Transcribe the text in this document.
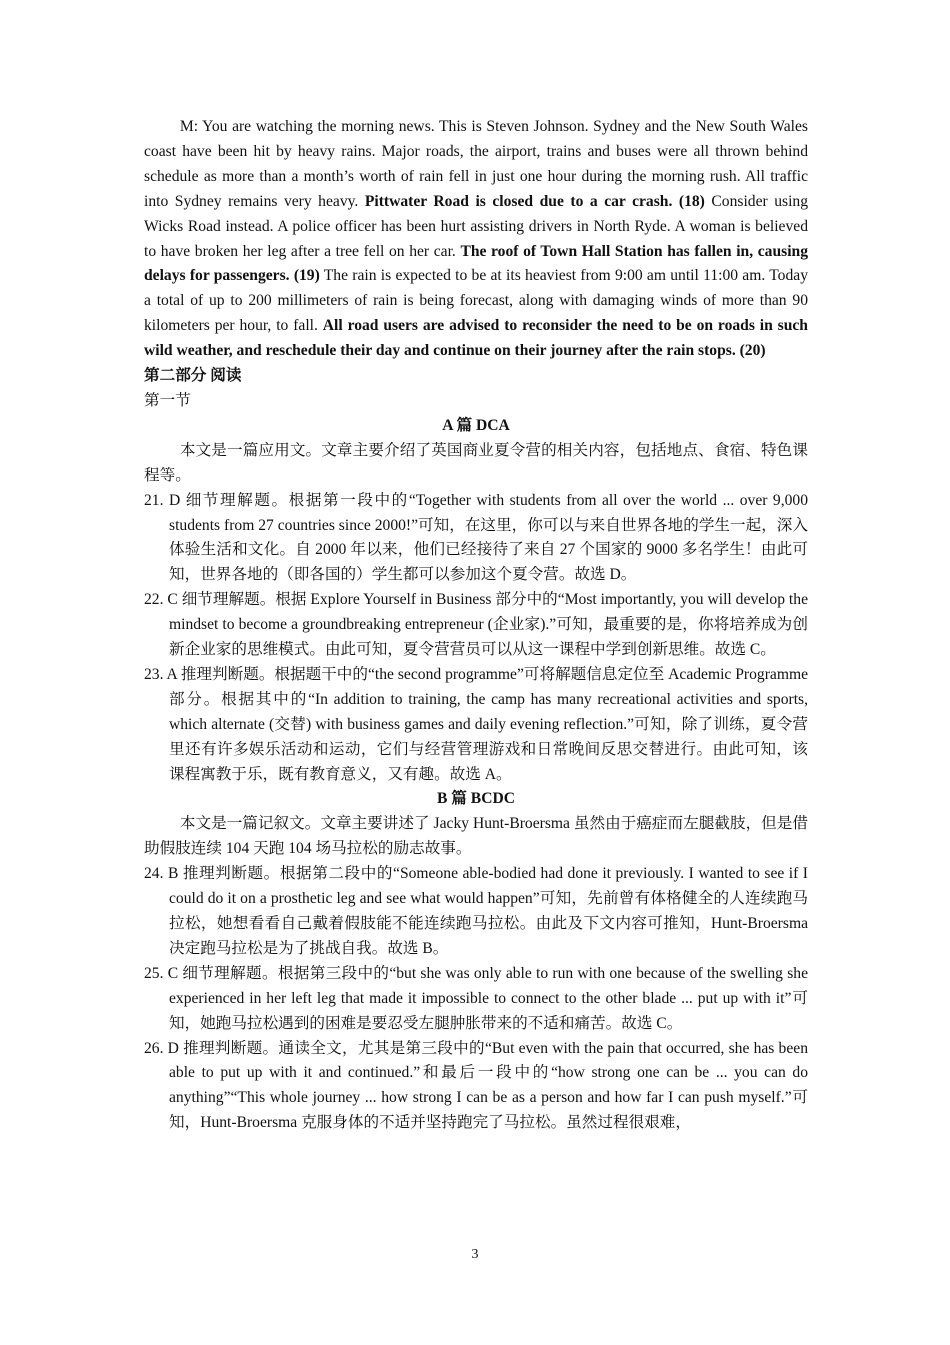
M: You are watching the morning news. This is Steven Johnson. Sydney and the New South Wales coast have been hit by heavy rains. Major roads, the airport, trains and buses were all thrown behind schedule as more than a month’s worth of rain fell in just one hour during the morning rush. All traffic into Sydney remains very heavy. Pittwater Road is closed due to a car crash. (18) Consider using Wicks Road instead. A police officer has been hurt assisting drivers in North Ryde. A woman is believed to have broken her leg after a tree fell on her car. The roof of Town Hall Station has fallen in, causing delays for passengers. (19) The rain is expected to be at its heaviest from 9:00 am until 11:00 am. Today a total of up to 200 millimeters of rain is being forecast, along with damaging winds of more than 90 kilometers per hour, to fall. All road users are advised to reconsider the need to be on roads in such wild weather, and reschedule their day and continue on their journey after the rain stops. (20)

第二部分 阅读

第一节

A 篇 DCA

本文是一篇应用文。文章主要介绍了英国商业夏令营的相关内容，包括地点、食宿、特色课程等。

21. D 细节理解题。根据第一段中的“Together with students from all over the world ... over 9,000 students from 27 countries since 2000!”可知，在这里，你可以与来自世界各地的学生一起，深入体验生活和文化。自 2000 年以来，他们已经接待了来自 27 个国家的 9000 多名学生！由此可知，世界各地的（即各国的）学生都可以参加这个夏令营。故选 D。

22. C 细节理解题。根据 Explore Yourself in Business 部分中的“Most importantly, you will develop the mindset to become a groundbreaking entrepreneur (企业家).”可知，最重要的是，你将培养成为创新企业家的思维模式。由此可知，夏令营营员可以从这一课程中学到创新思维。故选 C。

23. A 推理判断题。根据题干中的“the second programme”可将解题信息定位至 Academic Programme 部分。根据其中的“In addition to training, the camp has many recreational activities and sports, which alternate (交替) with business games and daily evening reflection.”可知，除了训练，夏令营里还有许多娱乐活动和运动，它们与经营管理游戏和日常晚间反思交替进行。由此可知，该课程寓教于乐，既有教育意义，又有趣。故选 A。

B 篇 BCDC

本文是一篇记叙文。文章主要讲述了 Jacky Hunt-Broersma 虽然由于癌症而左腿截肢，但是借助假肢连续 104 天跑 104 场马拉松的励志故事。

24. B 推理判断题。根据第二段中的“Someone able-bodied had done it previously. I wanted to see if I could do it on a prosthetic leg and see what would happen”可知，先前曾有体格健全的人连续跑马拉松，她想看看自己戴着假肢能不能连续跑马拉松。由此及下文内容可推知，Hunt-Broersma 决定跑马拉松是为了挑战自我。故选 B。

25. C 细节理解题。根据第三段中的“but she was only able to run with one because of the swelling she experienced in her left leg that made it impossible to connect to the other blade ... put up with it”可知，她跑马拉松遇到的困难是要忍受左腿肿胀带来的不适和痛苦。故选 C。

26. D 推理判断题。通读全文，尤其是第三段中的“But even with the pain that occurred, she has been able to put up with it and continued.”和最后一段中的“how strong one can be ... you can do anything”“This whole journey ... how strong I can be as a person and how far I can push myself.”可知，Hunt-Broersma 克服身体的不适并坚持跑完了马拉松。虽然过程很艰难，

3
